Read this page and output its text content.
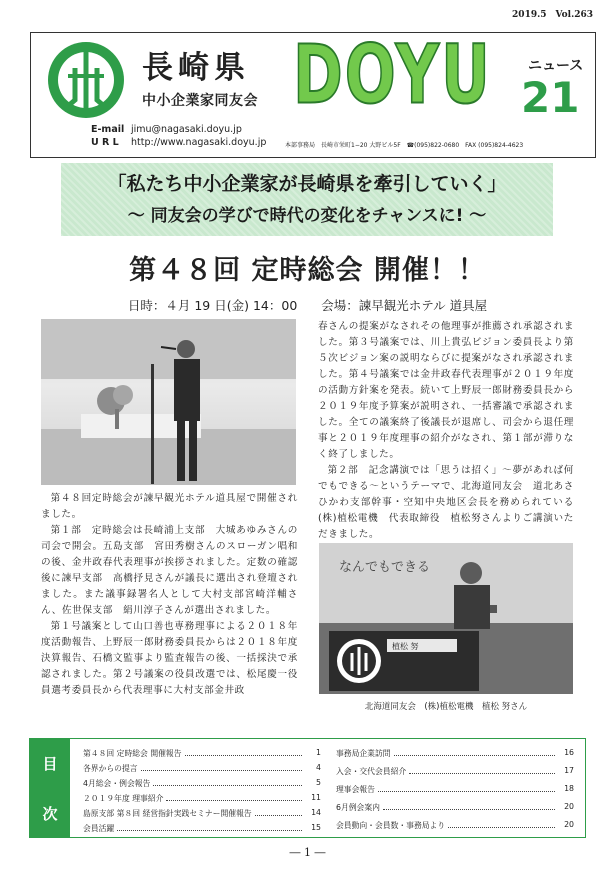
2019.5　Vol.263
長崎県
中小企業家同友会 DOYU	ニュース
21
E-mail jimu@nagasaki.doyu.jp
U R L http://www.nagasaki.doyu.jp	本部事務局　長崎市栄町1−20 大野ビル5F　☎(095)822-0680　FAX (095)824-4623
「私たち中小企業家が長崎県を牽引していく」
〜 同友会の学びで時代の変化をチャンスに! 〜
第４８回 定時総会 開催！！
日時：４月 19 日(金) 14：00 会場：諫早観光ホテル 道具屋

第４８回定時総会が諫早観光ホテル道具屋で開催されました。

第１部　定時総会は長崎浦上支部　大城あゆみさんの司会で開会。五島支部　宮田秀樹さんのスローガン唱和の後、金井政春代表理事が挨拶されました。定数の確認後に諫早支部　高橋抒見さんが議長に選出され登壇されました。また議事録署名人として大村支部宮崎洋輔さん、佐世保支部　絹川淳子さんが選出されました。

第１号議案として山口善也専務理事による２０１８年度活動報告、上野辰一郎財務委員長からは２０１８年度決算報告、石橋文監事より監査報告の後、一括採決で承認されました。第２号議案の役員改選では、松尾慶一役員選考委員長から代表理事に大村支部金井政

春さんの提案がなされその他理事が推薦され承認されました。第３号議案では、川上貴弘ビジョン委員長より第５次ビジョン案の説明ならびに提案がなされ承認されました。第４号議案では金井政春代表理事が２０１９年度の活動方針案を発表。続いて上野辰一郎財務委員長から２０１９年度予算案が説明され、一括審議で承認されました。全ての議案終了後議長が退席し、司会から退任理事と２０１９年度理事の紹介がなされ、第１部が滞りなく終了しました。

第２部　記念講演では「思うは招く」〜夢があれば何でもできる〜というテーマで、北海道同友会　道北あさひかわ支部幹事・空知中央地区会長を務められている(株)植松電機　代表取締役　植松努さんよりご講演いただきました。

なんでもできる
植松 努
北海道同友会　(株)植松電機　植松 努さん
目
次
第４８回 定時総会 開催報告	1
各界からの提言	4
4月総会・例会報告	5
２０１９年度 理事紹介	11
島原支部 第８回 経営指針実践セミナー開催報告	14
会員活躍	15
事務局企業訪問	16
入会・交代会員紹介	17
理事会報告	18
6月例会案内	20
会員動向・会員数・事務局より	20
― 1 ―
